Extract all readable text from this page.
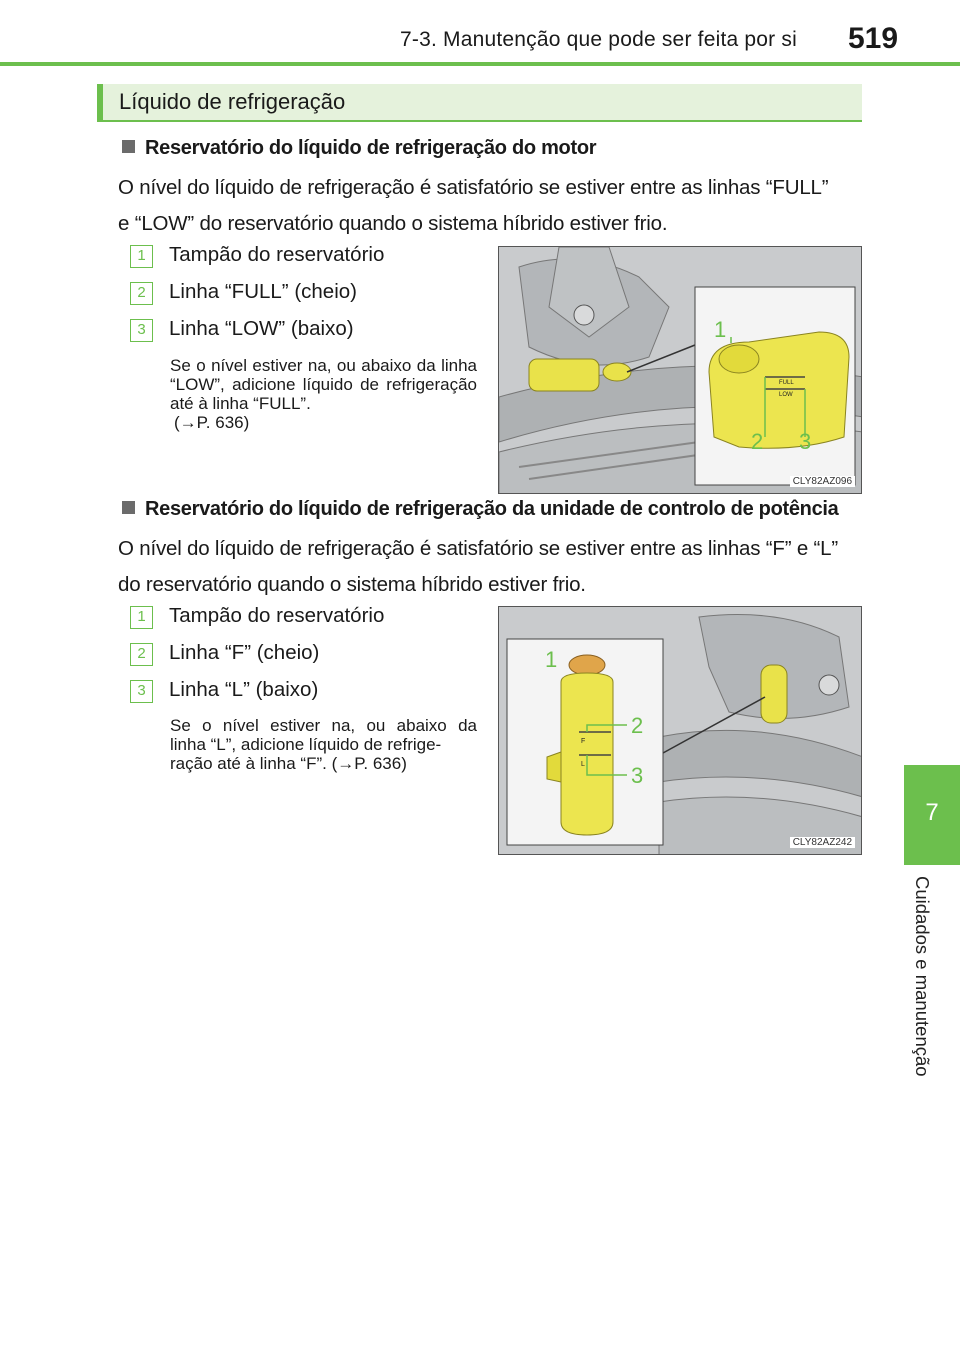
7-3. Manutenção que pode ser feita por si 519
Líquido de refrigeração
Reservatório do líquido de refrigeração do motor
O nível do líquido de refrigeração é satisfatório se estiver entre as linhas “FULL”
e “LOW” do reservatório quando o sistema híbrido estiver frio.
1	Tampão do reservatório
2	Linha “FULL” (cheio)
3	Linha “LOW” (baixo)
Se o nível estiver na, ou abaixo da linha “LOW”, adicione líquido de refrigeração até à linha “FULL”.
(→P. 636)
FULL
LOW
1
2 3
CLY82AZ096
Reservatório do líquido de refrigeração da unidade de controlo de potência
O nível do líquido de refrigeração é satisfatório se estiver entre as linhas “F” e “L”
do reservatório quando o sistema híbrido estiver frio.
1	Tampão do reservatório
2	Linha “F” (cheio)
3	Linha “L” (baixo)
Se o nível estiver na, ou abaixo da
linha “L”, adicione líquido de refrige-
ração até à linha “F”. (→P. 636)
F
L
1
2
3
CLY82AZ242
7
Cuidados e manutenção
